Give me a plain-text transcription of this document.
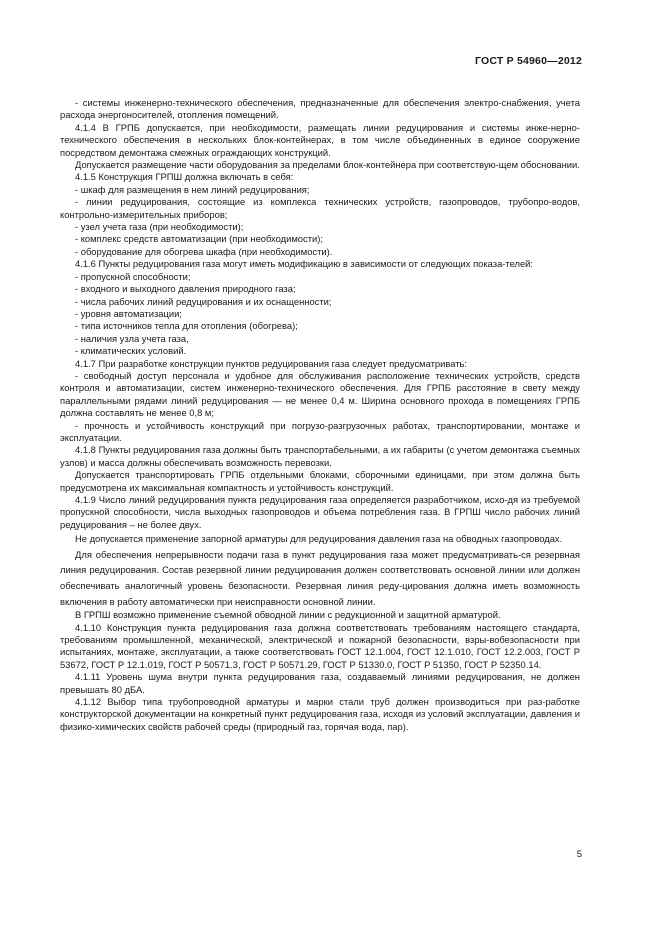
ГОСТ Р 54960—2012

- системы инженерно-технического обеспечения, предназначенные для обеспечения электро-снабжения, учета расхода энергоносителей, отопления помещений.

4.1.4 В ГРПБ допускается, при необходимости, размещать линии редуцирования и системы инже-нерно-технического обеспечения в нескольких блок-контейнерах, в том числе объединенных в единое сооружение посредством демонтажа смежных ограждающих конструкций.

Допускается размещение части оборудования за пределами блок-контейнера при соответствую-щем обосновании.

4.1.5 Конструкция ГРПШ должна включать в себя:

- шкаф для размещения в нем линий редуцирования;

- линии редуцирования, состоящие из комплекса технических устройств, газопроводов, трубопро-водов, контрольно-измерительных приборов;

- узел учета газа (при необходимости);

- комплекс средств автоматизации (при необходимости);

- оборудование для обогрева шкафа (при необходимости).

4.1.6 Пункты редуцирования газа могут иметь модификацию в зависимости от следующих показа-телей:

- пропускной способности;

- входного и выходного давления природного газа;

- числа рабочих линий редуцирования и их оснащенности;

- уровня автоматизации;

- типа источников тепла для отопления (обогрева);

- наличия узла учета газа,

- климатических условий.

4.1.7 При разработке конструкции пунктов редуцирования газа следует предусматривать:

- свободный доступ персонала и удобное для обслуживания расположение технических устройств, средств контроля и автоматизации, систем инженерно-технического обеспечения. Для ГРПБ расстояние в свету между параллельными рядами линий редуцирования — не менее 0,4 м. Ширина основного прохода в помещениях ГРПБ должна составлять не менее 0,8 м;

- прочность и устойчивость конструкций при погрузо-разгрузочных работах, транспортировании, монтаже и эксплуатации.

4.1.8 Пункты редуцирования газа должны быть транспортабельными, а их габариты (с учетом демонтажа съемных узлов) и масса должны обеспечивать возможность перевозки.

Допускается транспортировать ГРПБ отдельными блоками, сборочными единицами, при этом должна быть предусмотрена их максимальная компактность и устойчивость конструкций.

4.1.9 Число линий редуцирования пункта редуцирования газа определяется разработчиком, исхо-дя из требуемой пропускной способности, числа выходных газопроводов и объема потребления газа. В ГРПШ число рабочих линий редуцирования – не более двух.

Не допускается применение запорной арматуры для редуцирования давления газа на обводных газопроводах.

Для обеспечения непрерывности подачи газа в пункт редуцирования газа может предусматривать-ся резервная линия редуцирования. Состав резервной линии редуцирования должен соответствовать основной линии или должен обеспечивать аналогичный уровень безопасности. Резервная линия реду-цирования должна иметь возможность включения в работу автоматически при неисправности основной линии.

В ГРПШ возможно применение съемной обводной линии с редукционной и защитной арматурой.

4.1.10 Конструкция пункта редуцирования газа должна соответствовать требованиям настоящего стандарта, требованиям промышленной, механической, электрической и пожарной безопасности, взры-вобезопасности при испытаниях, монтаже, эксплуатации, а также соответствовать ГОСТ 12.1.004, ГОСТ 12.1.010, ГОСТ 12.2.003, ГОСТ Р 53672, ГОСТ Р 12.1.019, ГОСТ Р 50571.3, ГОСТ Р 50571.29, ГОСТ Р 51330.0, ГОСТ Р 51350, ГОСТ Р 52350.14.

4.1.11 Уровень шума внутри пункта редуцирования газа, создаваемый линиями редуцирования, не должен превышать 80 дБА.

4.1.12 Выбор типа трубопроводной арматуры и марки стали труб должен производиться при раз-работке конструкторской документации на конкретный пункт редуцирования газа, исходя из условий эксплуатации, давления и физико-химических свойств рабочей среды (природный газ, горячая вода, пар).

5
